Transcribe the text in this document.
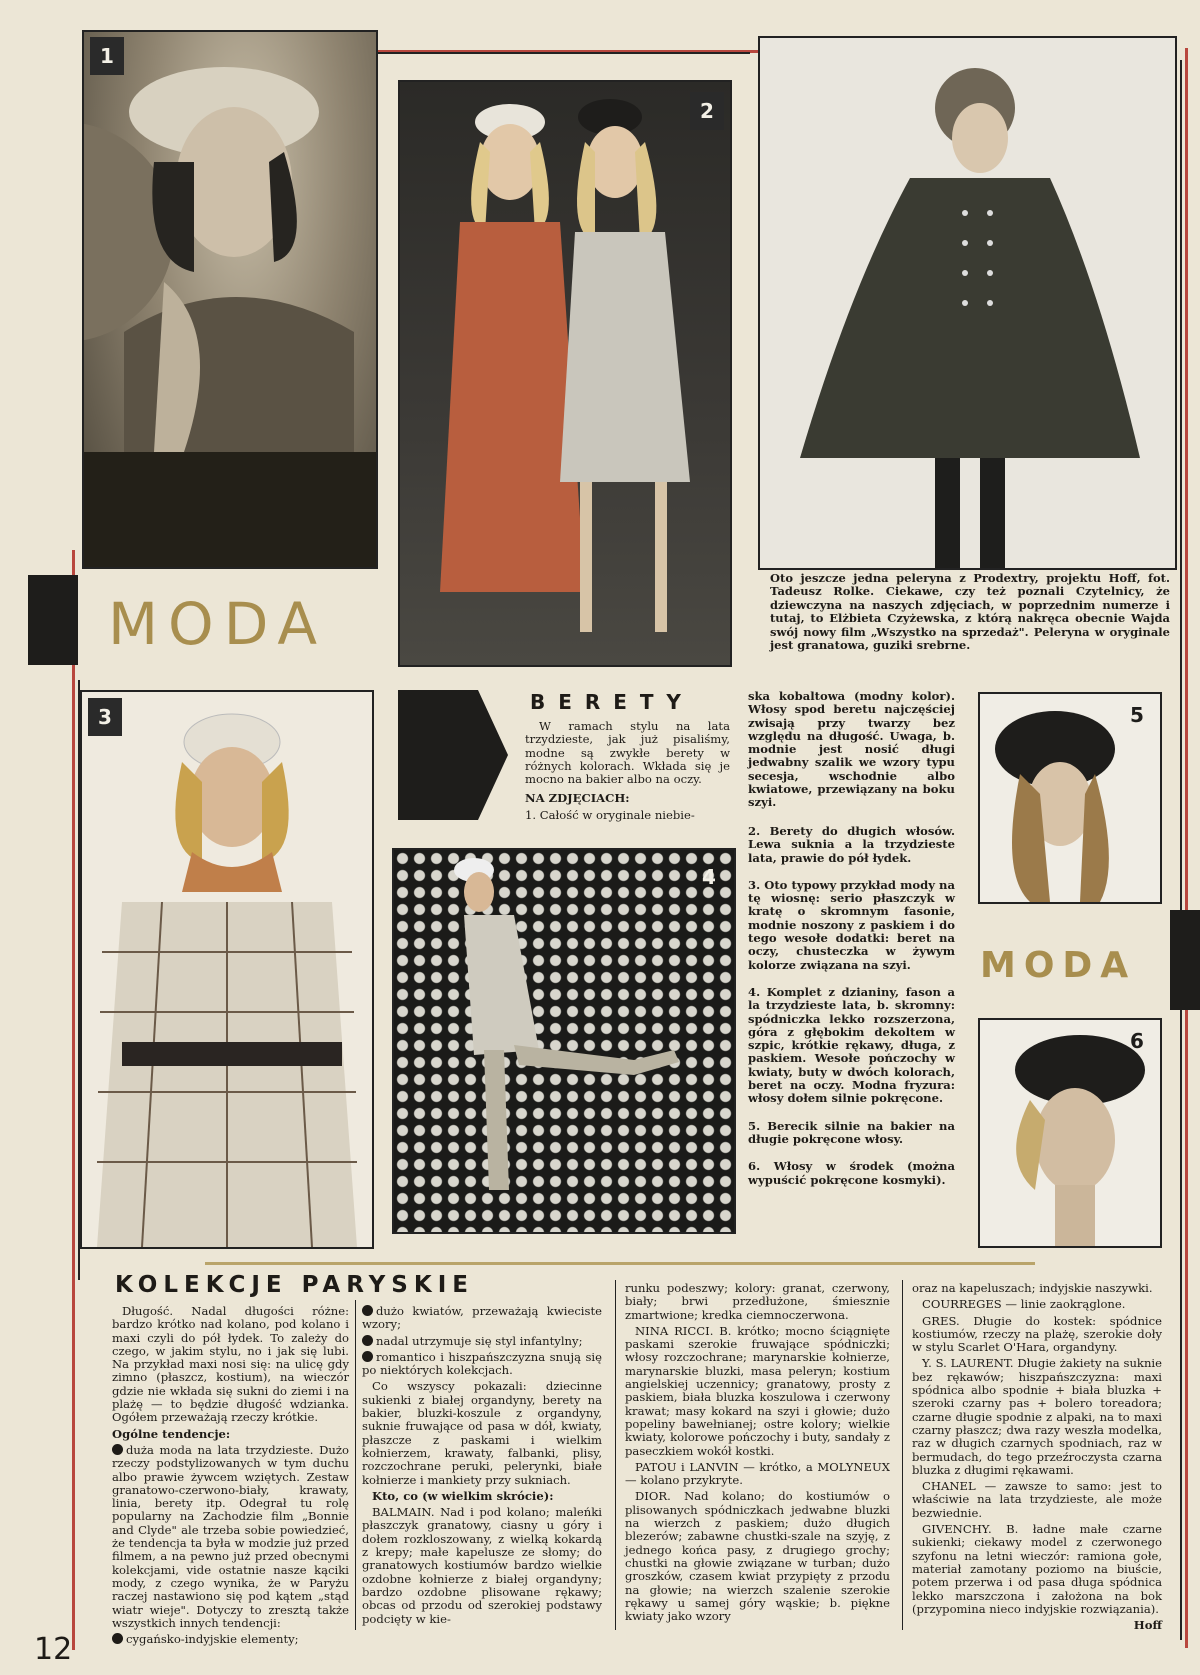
1
2
Oto jeszcze jedna peleryna z Prodextry, projektu Hoff, fot. Tadeusz Rolke. Ciekawe, czy też poznali Czytelnicy, że dziewczyna na naszych zdjęciach, w poprzednim numerze i tutaj, to Elżbieta Czyżewska, z którą nakręca obecnie Wajda swój nowy film „Wszystko na sprzedaż". Peleryna w oryginale jest granatowa, guziki srebrne.
MODA
3
B E R E T Y

W ramach stylu na lata trzydzieste, jak już pisaliśmy, modne są zwykłe berety w różnych kolorach. Wkłada się je mocno na bakier albo na oczy.

NA ZDJĘCIACH:

1. Całość w oryginale niebie-

ska kobaltowa (modny kolor). Włosy spod beretu najczęściej zwisają przy twarzy bez względu na długość. Uwaga, b. modnie jest nosić długi jedwabny szalik we wzory typu secesja, wschodnie albo kwiatowe, przewiązany na boku szyi.

4

2. Berety do długich włosów. Lewa suknia a la trzydzieste lata, prawie do pół łydek.

3. Oto typowy przykład mody na tę wiosnę: serio płaszczyk w kratę o skromnym fasonie, modnie noszony z paskiem i do tego wesołe dodatki: beret na oczy, chusteczka w żywym kolorze związana na szyi.

4. Komplet z dzianiny, fason a la trzydzieste lata, b. skromny: spódniczka lekko rozszerzona, góra z głębokim dekoltem w szpic, krótkie rękawy, długa, z paskiem. Wesołe pończochy w kwiaty, buty w dwóch kolorach, beret na oczy. Modna fryzura: włosy dołem silnie pokręcone.

5. Berecik silnie na bakier na długie pokręcone włosy.

6. Włosy w środek (można wypuścić pokręcone kosmyki).

5
MODA
6
KOLEKCJE PARYSKIE

Długość. Nadal długości różne: bardzo krótko nad kolano, pod kolano i maxi czyli do pół łydek. To zależy do czego, w jakim stylu, no i jak się lubi. Na przykład maxi nosi się: na ulicę gdy zimno (płaszcz, kostium), na wieczór gdzie nie wkłada się sukni do ziemi i na plażę — to będzie długość wdzianka. Ogółem przeważają rzeczy krótkie.

Ogólne tendencje:

duża moda na lata trzydzieste. Dużo rzeczy podstylizowanych w tym duchu albo prawie żywcem wziętych. Zestaw granatowo-czerwono-biały, krawaty, linia, berety itp. Odegrał tu rolę popularny na Zachodzie film „Bonnie and Clyde" ale trzeba sobie powiedzieć, że tendencja ta była w modzie już przed filmem, a na pewno już przed obecnymi kolekcjami, vide ostatnie nasze kąciki mody, z czego wynika, że w Paryżu raczej nastawiono się pod kątem „stąd wiatr wieje". Dotyczy to zresztą także wszystkich innych tendencji:

cygańsko-indyjskie elementy;

dużo kwiatów, przeważają kwieciste wzory;

nadal utrzymuje się styl infantylny;

romantico i hiszpańszczyzna snują się po niektórych kolekcjach.

Co wszyscy pokazali: dziecinne sukienki z białej organdyny, berety na bakier, bluzki-koszule z organdyny, suknie fruwające od pasa w dół, kwiaty, płaszcze z paskami i wielkim kołnierzem, krawaty, falbanki, plisy, rozczochrane peruki, pelerynki, białe kołnierze i mankiety przy sukniach.

Kto, co (w wielkim skrócie):

BALMAIN. Nad i pod kolano; maleńki płaszczyk granatowy, ciasny u góry i dołem rozkloszowany, z wielką kokardą z krepy; małe kapelusze ze słomy; do granatowych kostiumów bardzo wielkie ozdobne kołnierze z białej organdyny; bardzo ozdobne plisowane rękawy; obcas od przodu od szerokiej podstawy podcięty w kie-

runku podeszwy; kolory: granat, czerwony, biały; brwi przedłużone, śmiesznie zmartwione; kredka ciemnoczerwona.

NINA RICCI. B. krótko; mocno ściągnięte paskami szerokie fruwające spódniczki; włosy rozczochrane; marynarskie kołnierze, marynarskie bluzki, masa peleryn; kostium angielskiej uczennicy; granatowy, prosty z paskiem, biała bluzka koszulowa i czerwony krawat; masy kokard na szyi i głowie; dużo popeliny bawełnianej; ostre kolory; wielkie kwiaty, kolorowe pończochy i buty, sandały z paseczkiem wokół kostki.

PATOU i LANVIN — krótko, a MOLYNEUX — kolano przykryte.

DIOR. Nad kolano; do kostiumów o plisowanych spódniczkach jedwabne bluzki na wierzch z paskiem; dużo długich blezerów; zabawne chustki-szale na szyję, z jednego końca pasy, z drugiego grochy; chustki na głowie związane w turban; dużo groszków, czasem kwiat przypięty z przodu na głowie; na wierzch szalenie szerokie rękawy u samej góry wąskie; b. piękne kwiaty jako wzory

oraz na kapeluszach; indyjskie naszywki.

COURREGES — linie zaokrąglone.

GRES. Długie do kostek: spódnice kostiumów, rzeczy na plażę, szerokie doły w stylu Scarlet O'Hara, organdyny.

Y. S. LAURENT. Długie żakiety na suknie bez rękawów; hiszpańszczyzna: maxi spódnica albo spodnie + biała bluzka + szeroki czarny pas + bolero toreadora; czarne długie spodnie z alpaki, na to maxi czarny płaszcz; dwa razy weszła modelka, raz w długich czarnych spodniach, raz w bermudach, do tego przeźroczysta czarna bluzka z długimi rękawami.

CHANEL — zawsze to samo: jest to właściwie na lata trzydzieste, ale może bezwiednie.

GIVENCHY. B. ładne małe czarne sukienki; ciekawy model z czerwonego szyfonu na letni wieczór: ramiona gołe, materiał zamotany poziomo na biuście, potem przerwa i od pasa długa spódnica lekko marszczona i założona na bok (przypomina nieco indyjskie rozwiązania).

Hoff

12
